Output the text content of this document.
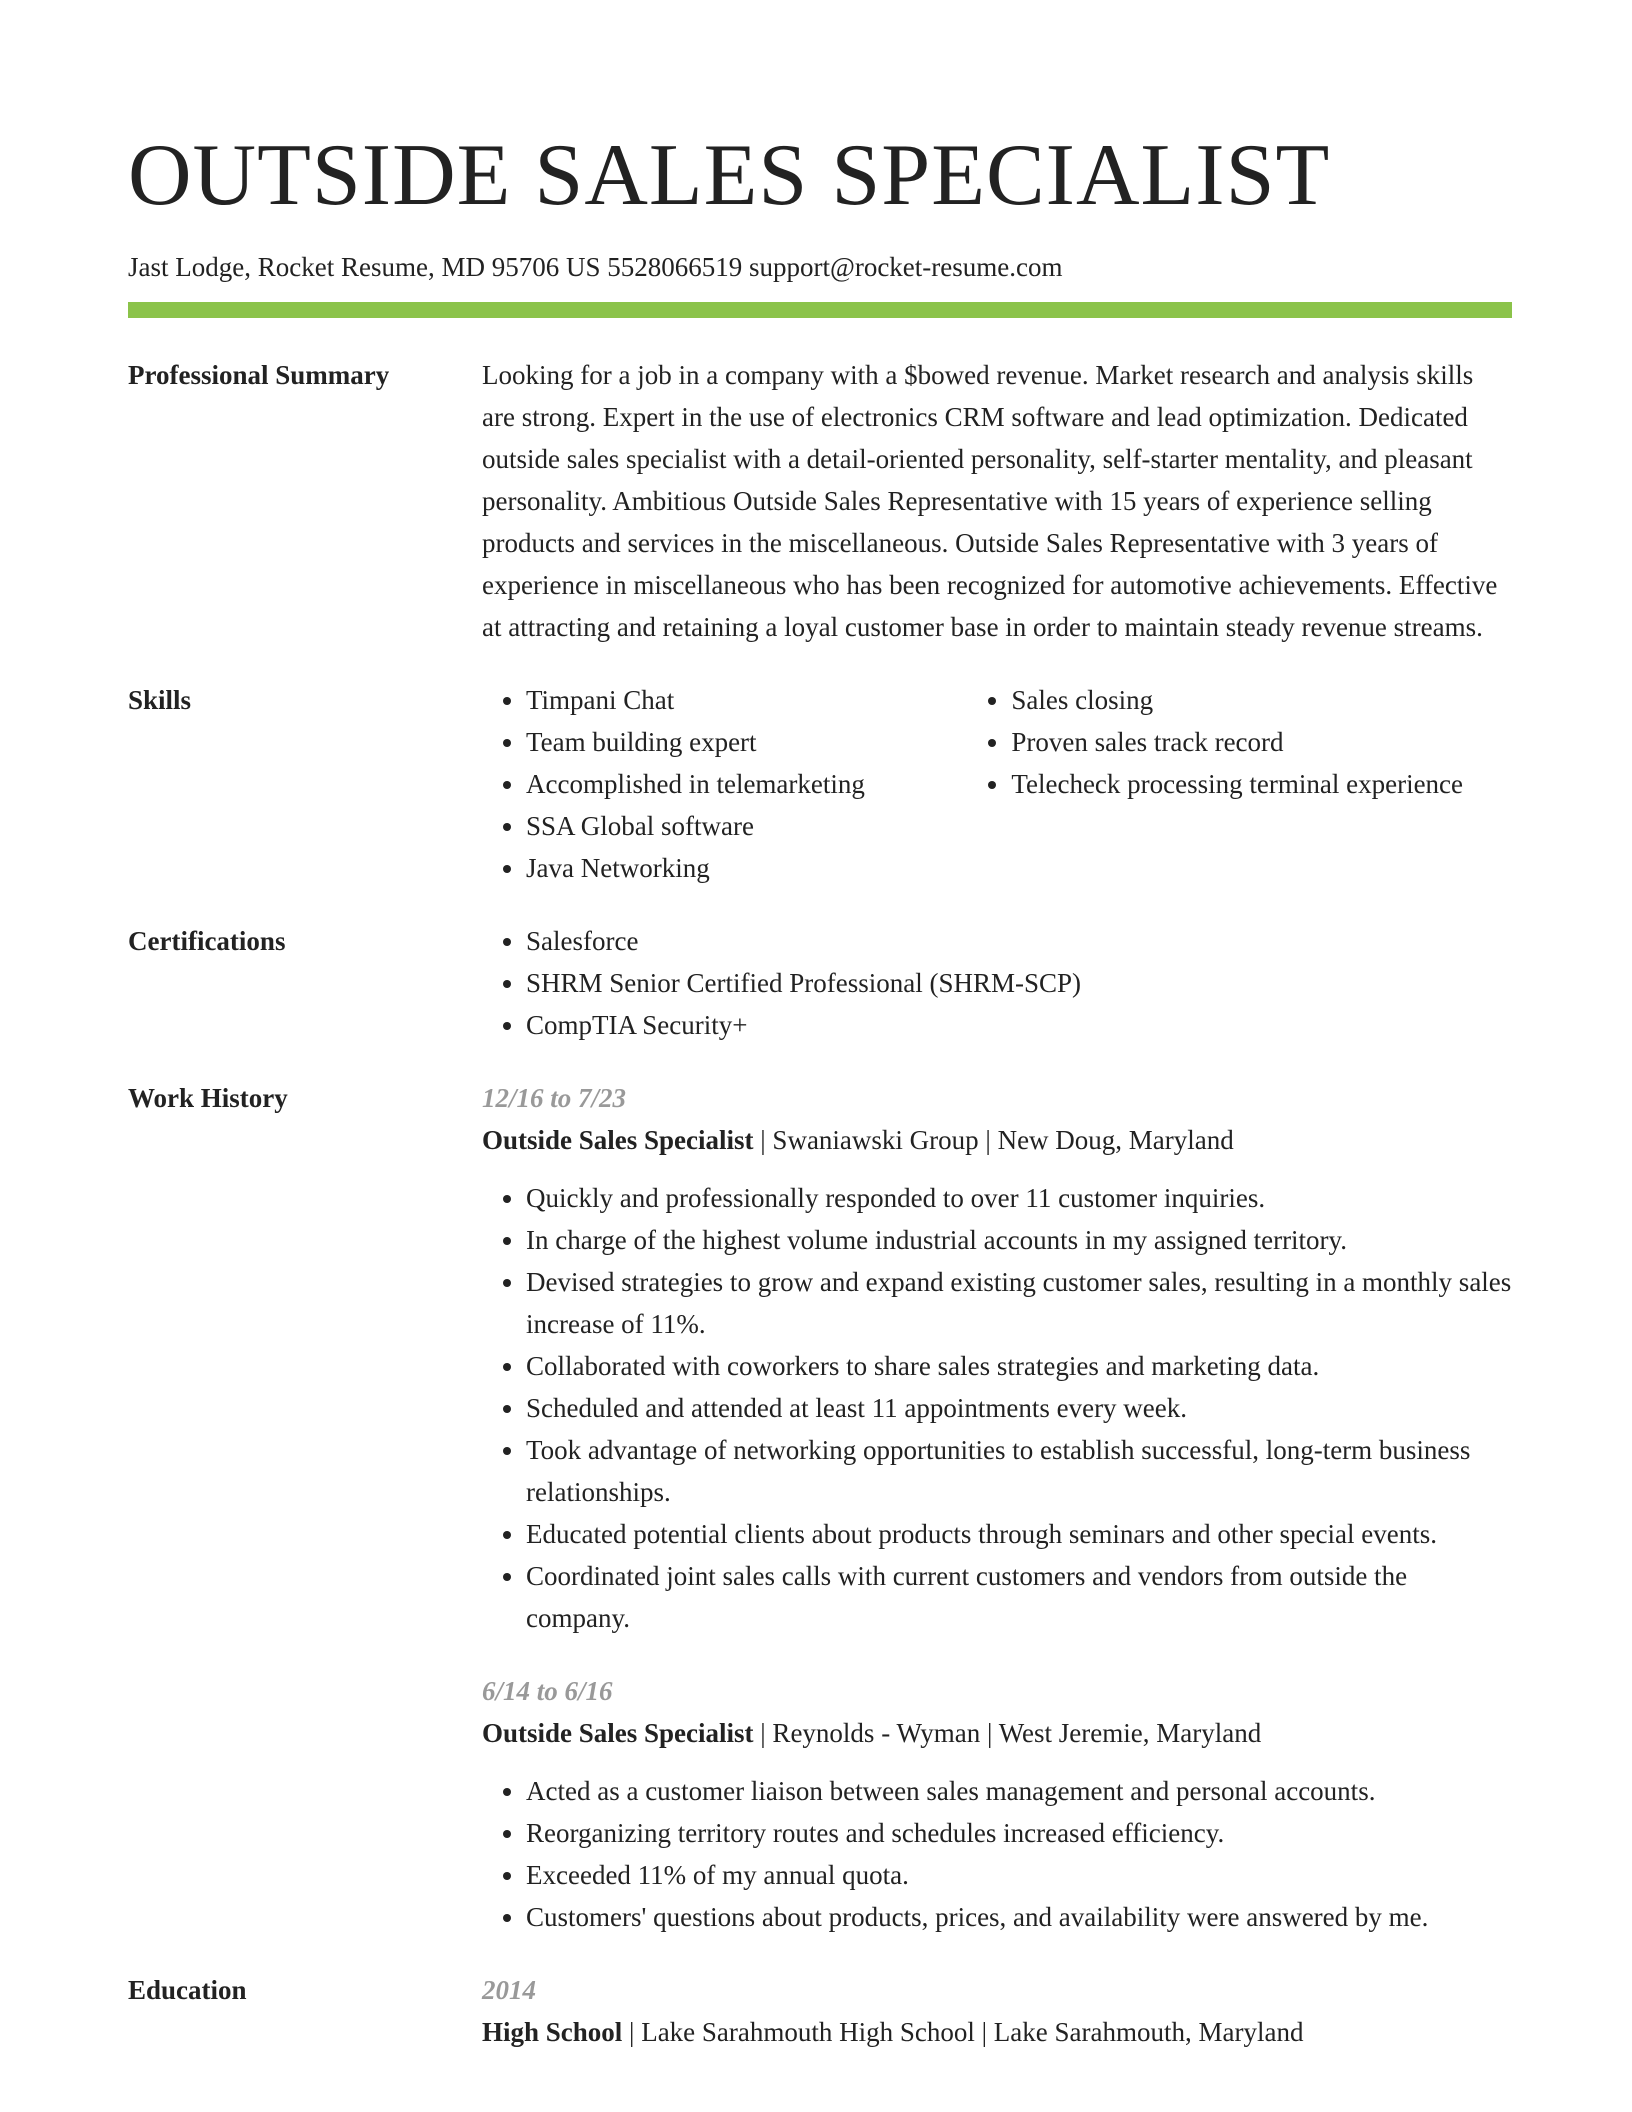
OUTSIDE SALES SPECIALIST
Jast Lodge, Rocket Resume, MD 95706 US 5528066519 support@rocket-resume.com
Professional Summary	Looking for a job in a company with a $bowed revenue. Market research and analysis skills are strong. Expert in the use of electronics CRM software and lead optimization. Dedicated outside sales specialist with a detail-oriented personality, self-starter mentality, and pleasant personality. Ambitious Outside Sales Representative with 15 years of experience selling products and services in the miscellaneous. Outside Sales Representative with 3 years of experience in miscellaneous who has been recognized for automotive achievements. Effective at attracting and retaining a loyal customer base in order to maintain steady revenue streams.

Skills	• Timpani Chat
• Team building expert
• Accomplished in telemarketing
• SSA Global software
• Java Networking
• Sales closing
• Proven sales track record
• Telecheck processing terminal experience
Certifications	• Salesforce
• SHRM Senior Certified Professional (SHRM-SCP)
• CompTIA Security+
Work History	12/16 to 7/23
Outside Sales Specialist | Swaniawski Group | New Doug, Maryland
• Quickly and professionally responded to over 11 customer inquiries.
• In charge of the highest volume industrial accounts in my assigned territory.
• Devised strategies to grow and expand existing customer sales, resulting in a monthly sales increase of 11%.
• Collaborated with coworkers to share sales strategies and marketing data.
• Scheduled and attended at least 11 appointments every week.
• Took advantage of networking opportunities to establish successful, long-term business relationships.
• Educated potential clients about products through seminars and other special events.
• Coordinated joint sales calls with current customers and vendors from outside the company.
6/14 to 6/16
Outside Sales Specialist | Reynolds - Wyman | West Jeremie, Maryland
• Acted as a customer liaison between sales management and personal accounts.
• Reorganizing territory routes and schedules increased efficiency.
• Exceeded 11% of my annual quota.
• Customers' questions about products, prices, and availability were answered by me.
Education	2014
High School | Lake Sarahmouth High School | Lake Sarahmouth, Maryland
